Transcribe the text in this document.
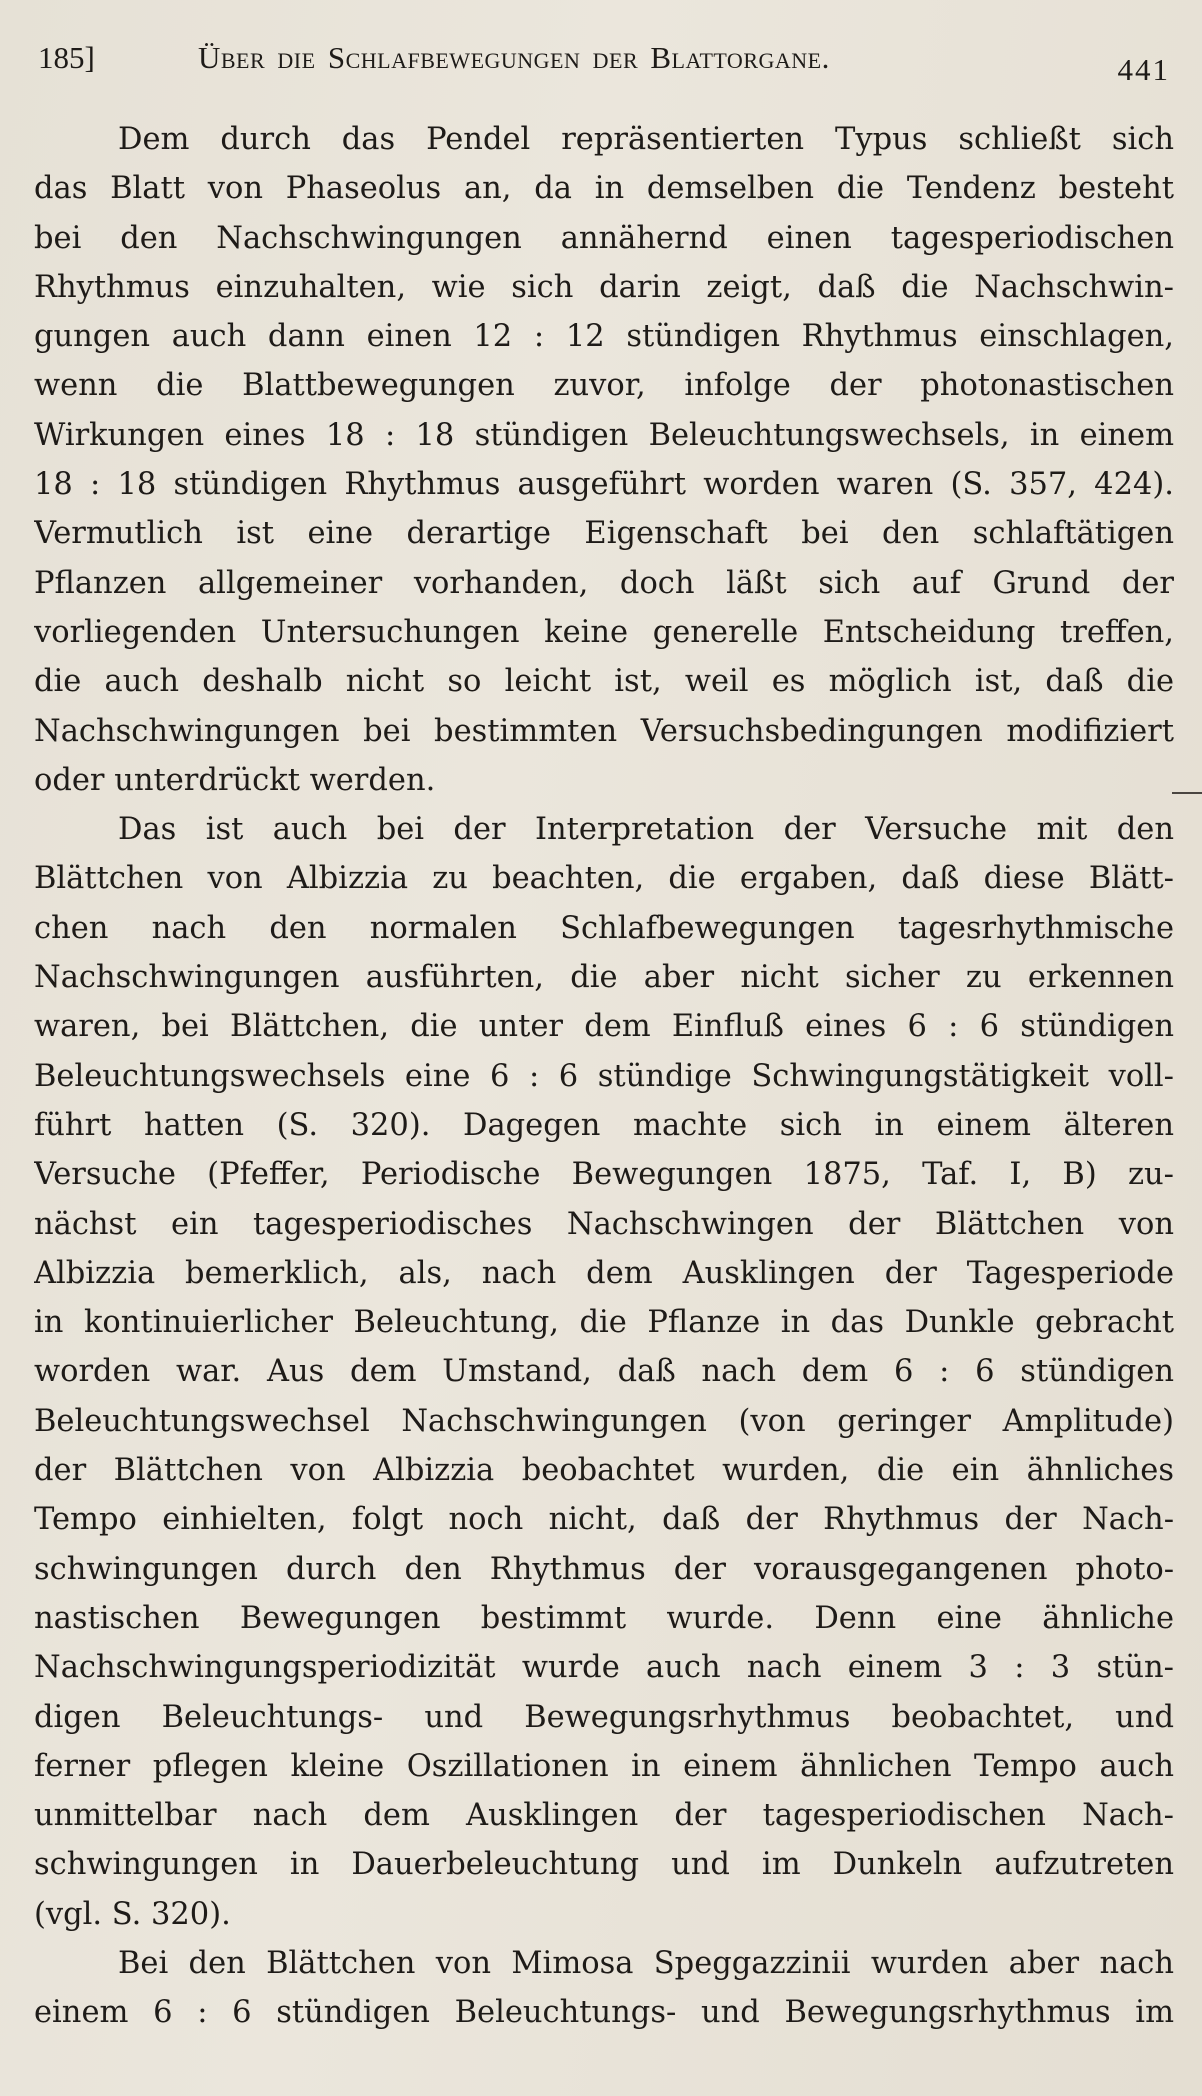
185]	Über die Schlafbewegungen der Blattorgane.	441
Dem durch das Pendel repräsentierten Typus schließt sich
das Blatt von Phaseolus an, da in demselben die Tendenz besteht
bei den Nachschwingungen annähernd einen tagesperiodischen
Rhythmus einzuhalten, wie sich darin zeigt, daß die Nachschwin-
gungen auch dann einen 12 : 12 stündigen Rhythmus einschlagen,
wenn die Blattbewegungen zuvor, infolge der photonastischen
Wirkungen eines 18 : 18 stündigen Beleuchtungswechsels, in einem
18 : 18 stündigen Rhythmus ausgeführt worden waren (S. 357, 424).
Vermutlich ist eine derartige Eigenschaft bei den schlaftätigen
Pflanzen allgemeiner vorhanden, doch läßt sich auf Grund der
vorliegenden Untersuchungen keine generelle Entscheidung treffen,
die auch deshalb nicht so leicht ist, weil es möglich ist, daß die
Nachschwingungen bei bestimmten Versuchsbedingungen modifiziert
oder unterdrückt werden.
Das ist auch bei der Interpretation der Versuche mit den
Blättchen von Albizzia zu beachten, die ergaben, daß diese Blätt-
chen nach den normalen Schlafbewegungen tagesrhythmische
Nachschwingungen ausführten, die aber nicht sicher zu erkennen
waren, bei Blättchen, die unter dem Einfluß eines 6 : 6 stündigen
Beleuchtungswechsels eine 6 : 6 stündige Schwingungstätigkeit voll-
führt hatten (S. 320). Dagegen machte sich in einem älteren
Versuche (Pfeffer, Periodische Bewegungen 1875, Taf. I, B) zu-
nächst ein tagesperiodisches Nachschwingen der Blättchen von
Albizzia bemerklich, als, nach dem Ausklingen der Tagesperiode
in kontinuierlicher Beleuchtung, die Pflanze in das Dunkle gebracht
worden war. Aus dem Umstand, daß nach dem 6 : 6 stündigen
Beleuchtungswechsel Nachschwingungen (von geringer Amplitude)
der Blättchen von Albizzia beobachtet wurden, die ein ähnliches
Tempo einhielten, folgt noch nicht, daß der Rhythmus der Nach-
schwingungen durch den Rhythmus der vorausgegangenen photo-
nastischen Bewegungen bestimmt wurde. Denn eine ähnliche
Nachschwingungsperiodizität wurde auch nach einem 3 : 3 stün-
digen Beleuchtungs- und Bewegungsrhythmus beobachtet, und
ferner pflegen kleine Oszillationen in einem ähnlichen Tempo auch
unmittelbar nach dem Ausklingen der tagesperiodischen Nach-
schwingungen in Dauerbeleuchtung und im Dunkeln aufzutreten
(vgl. S. 320).
Bei den Blättchen von Mimosa Speggazzinii wurden aber nach
einem 6 : 6 stündigen Beleuchtungs- und Bewegungsrhythmus im
